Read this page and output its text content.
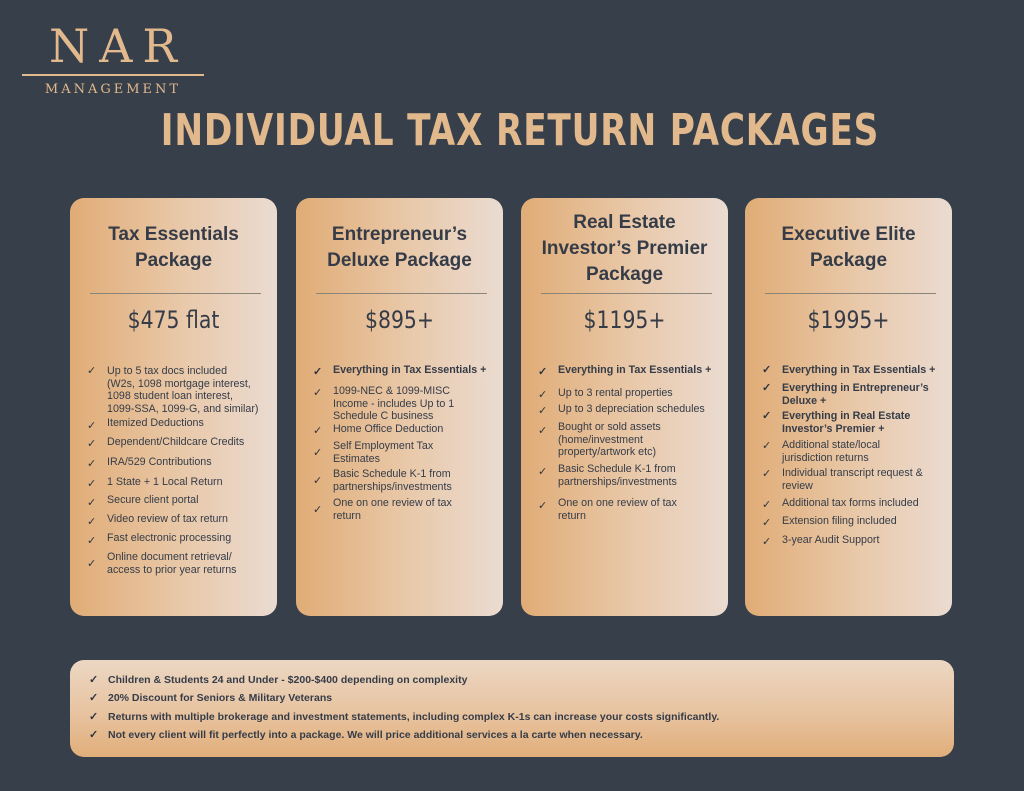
NAR
MANAGEMENT
INDIVIDUAL TAX RETURN PACKAGES
Tax Essentials
Package
$475 flat
✓ Up to 5 tax docs included
(W2s, 1098 mortgage interest,
1098 student loan interest,
1099-SSA, 1099-G, and similar)
✓ Itemized Deductions
✓ Dependent/Childcare Credits
✓ IRA/529 Contributions
✓ 1 State + 1 Local Return
✓ Secure client portal
✓ Video review of tax return
✓ Fast electronic processing
✓
Online document retrieval/
access to prior year returns
Entrepreneur’s
Deluxe Package
$895+
✓ Everything in Tax Essentials +
✓ 1099-NEC & 1099-MISC
Income - includes Up to 1
Schedule C business
✓ Home Office Deduction
✓
Self Employment Tax
Estimates
✓
Basic Schedule K-1 from
partnerships/investments
✓
One on one review of tax
return
Real Estate
Investor’s Premier
Package
$1195+
✓ Everything in Tax Essentials +
✓ Up to 3 rental properties
✓ Up to 3 depreciation schedules
✓ Bought or sold assets
(home/investment
property/artwork etc)
✓ Basic Schedule K-1 from
partnerships/investments
✓ One on one review of tax
return
Executive Elite
Package
$1995+
✓ Everything in Tax Essentials +
✓ Everything in Entrepreneur’s
Deluxe +
✓ Everything in Real Estate
Investor’s Premier +
✓ Additional state/local
jurisdiction returns
✓ Individual transcript request &
review
✓ Additional tax forms included
✓ Extension filing included
✓ 3-year Audit Support
✓ Children & Students 24 and Under - $200-$400 depending on complexity
✓ 20% Discount for Seniors & Military Veterans
✓ Returns with multiple brokerage and investment statements, including complex K-1s can increase your costs significantly.
✓ Not every client will fit perfectly into a package. We will price additional services a la carte when necessary.
